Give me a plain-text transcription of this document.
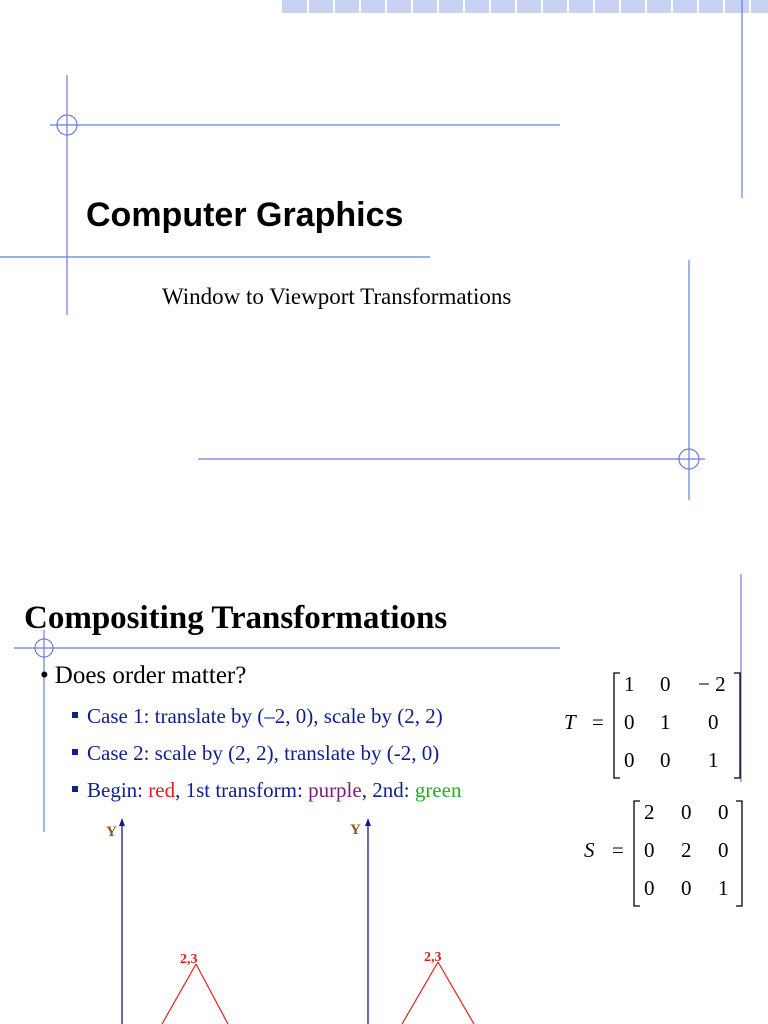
Computer Graphics
Window to Viewport Transformations
Compositing Transformations
• Does order matter?
Case 1: translate by (–2, 0), scale by (2, 2)
Case 2: scale by (2, 2), translate by (-2, 0)
Begin: red, 1st transform: purple, 2nd: green
T =
1 0 − 2
0 1 0
0 0 1
S =
2 0 0
0 2 0
0 0 1
Y
2,3
Y
2,3
